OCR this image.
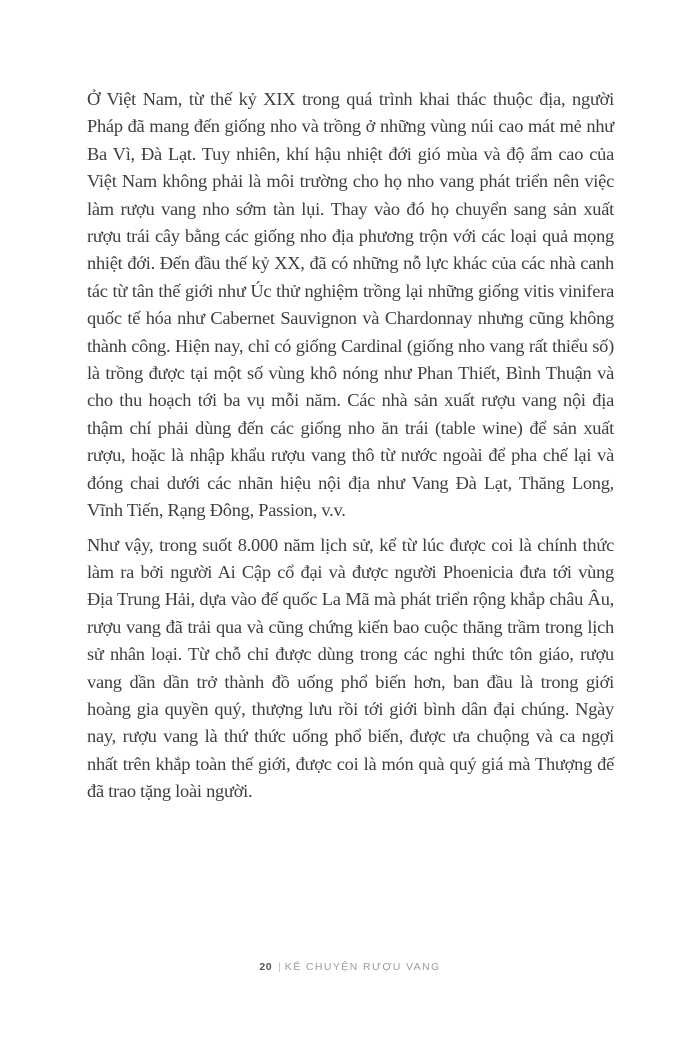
Ở Việt Nam, từ thế kỷ XIX trong quá trình khai thác thuộc địa, người Pháp đã mang đến giống nho và trồng ở những vùng núi cao mát mẻ như Ba Vì, Đà Lạt. Tuy nhiên, khí hậu nhiệt đới gió mùa và độ ẩm cao của Việt Nam không phải là môi trường cho họ nho vang phát triển nên việc làm rượu vang nho sớm tàn lụi. Thay vào đó họ chuyển sang sản xuất rượu trái cây bằng các giống nho địa phương trộn với các loại quả mọng nhiệt đới. Đến đầu thế kỷ XX, đã có những nỗ lực khác của các nhà canh tác từ tân thế giới như Úc thử nghiệm trồng lại những giống vitis vinifera quốc tế hóa như Cabernet Sauvignon và Chardonnay nhưng cũng không thành công. Hiện nay, chỉ có giống Cardinal (giống nho vang rất thiểu số) là trồng được tại một số vùng khô nóng như Phan Thiết, Bình Thuận và cho thu hoạch tới ba vụ mỗi năm. Các nhà sản xuất rượu vang nội địa thậm chí phải dùng đến các giống nho ăn trái (table wine) để sản xuất rượu, hoặc là nhập khẩu rượu vang thô từ nước ngoài để pha chế lại và đóng chai dưới các nhãn hiệu nội địa như Vang Đà Lạt, Thăng Long, Vĩnh Tiến, Rạng Đông, Passion, v.v.

Như vậy, trong suốt 8.000 năm lịch sử, kể từ lúc được coi là chính thức làm ra bởi người Ai Cập cổ đại và được người Phoenicia đưa tới vùng Địa Trung Hải, dựa vào đế quốc La Mã mà phát triển rộng khắp châu Âu, rượu vang đã trải qua và cũng chứng kiến bao cuộc thăng trầm trong lịch sử nhân loại. Từ chỗ chỉ được dùng trong các nghi thức tôn giáo, rượu vang dần dần trở thành đồ uống phổ biến hơn, ban đầu là trong giới hoàng gia quyền quý, thượng lưu rồi tới giới bình dân đại chúng. Ngày nay, rượu vang là thứ thức uống phổ biến, được ưa chuộng và ca ngợi nhất trên khắp toàn thế giới, được coi là món quà quý giá mà Thượng đế đã trao tặng loài người.

20 | KỂ CHUYỆN RƯỢU VANG
